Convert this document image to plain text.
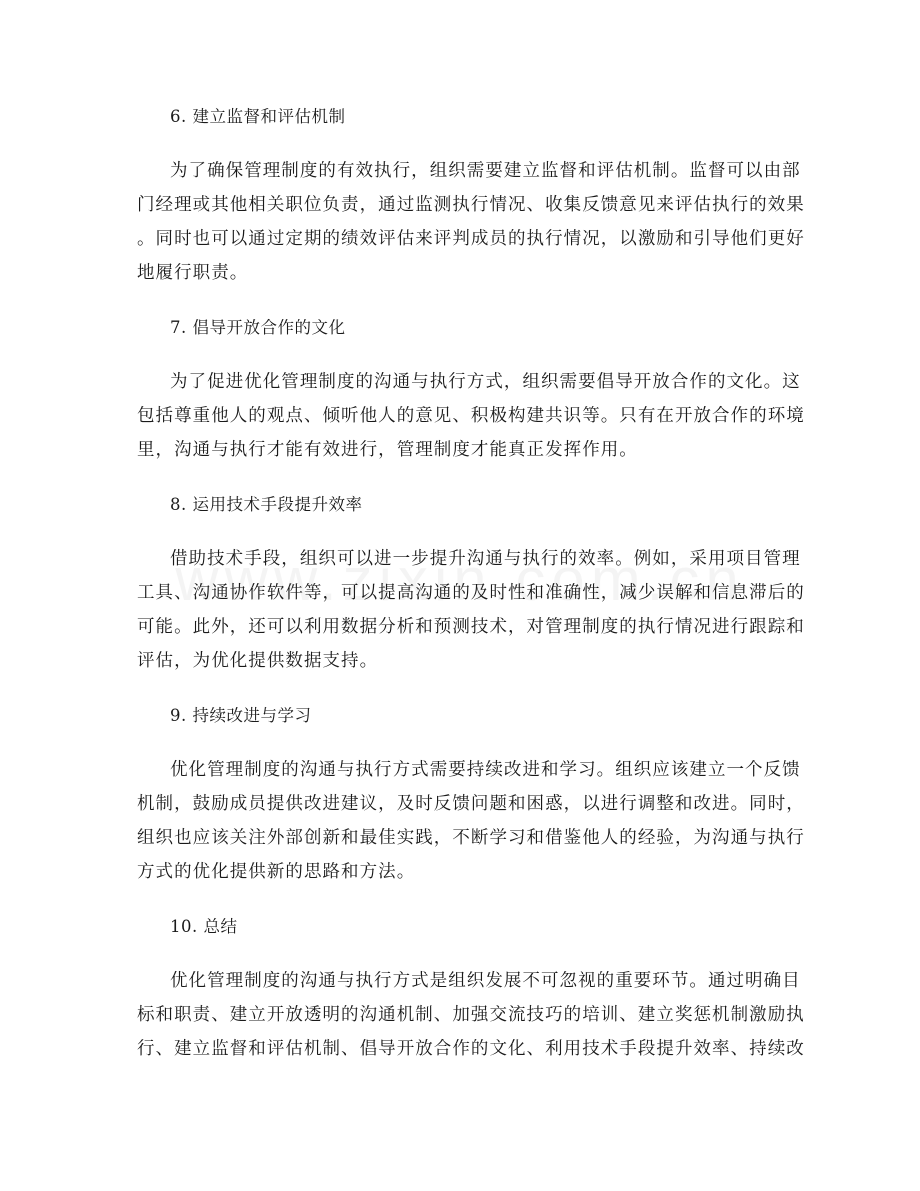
6. 建立监督和评估机制
为了确保管理制度的有效执行，组织需要建立监督和评估机制。监督可以由部
门经理或其他相关职位负责，通过监测执行情况、收集反馈意见来评估执行的效果
。同时也可以通过定期的绩效评估来评判成员的执行情况，以激励和引导他们更好
地履行职责。
7. 倡导开放合作的文化
为了促进优化管理制度的沟通与执行方式，组织需要倡导开放合作的文化。这
包括尊重他人的观点、倾听他人的意见、积极构建共识等。只有在开放合作的环境
里，沟通与执行才能有效进行，管理制度才能真正发挥作用。
8. 运用技术手段提升效率
借助技术手段，组织可以进一步提升沟通与执行的效率。例如，采用项目管理
工具、沟通协作软件等，可以提高沟通的及时性和准确性，减少误解和信息滞后的
可能。此外，还可以利用数据分析和预测技术，对管理制度的执行情况进行跟踪和
评估，为优化提供数据支持。
9. 持续改进与学习
优化管理制度的沟通与执行方式需要持续改进和学习。组织应该建立一个反馈
机制，鼓励成员提供改进建议，及时反馈问题和困惑，以进行调整和改进。同时，
组织也应该关注外部创新和最佳实践，不断学习和借鉴他人的经验，为沟通与执行
方式的优化提供新的思路和方法。
10. 总结
优化管理制度的沟通与执行方式是组织发展不可忽视的重要环节。通过明确目
标和职责、建立开放透明的沟通机制、加强交流技巧的培训、建立奖惩机制激励执
行、建立监督和评估机制、倡导开放合作的文化、利用技术手段提升效率、持续改
